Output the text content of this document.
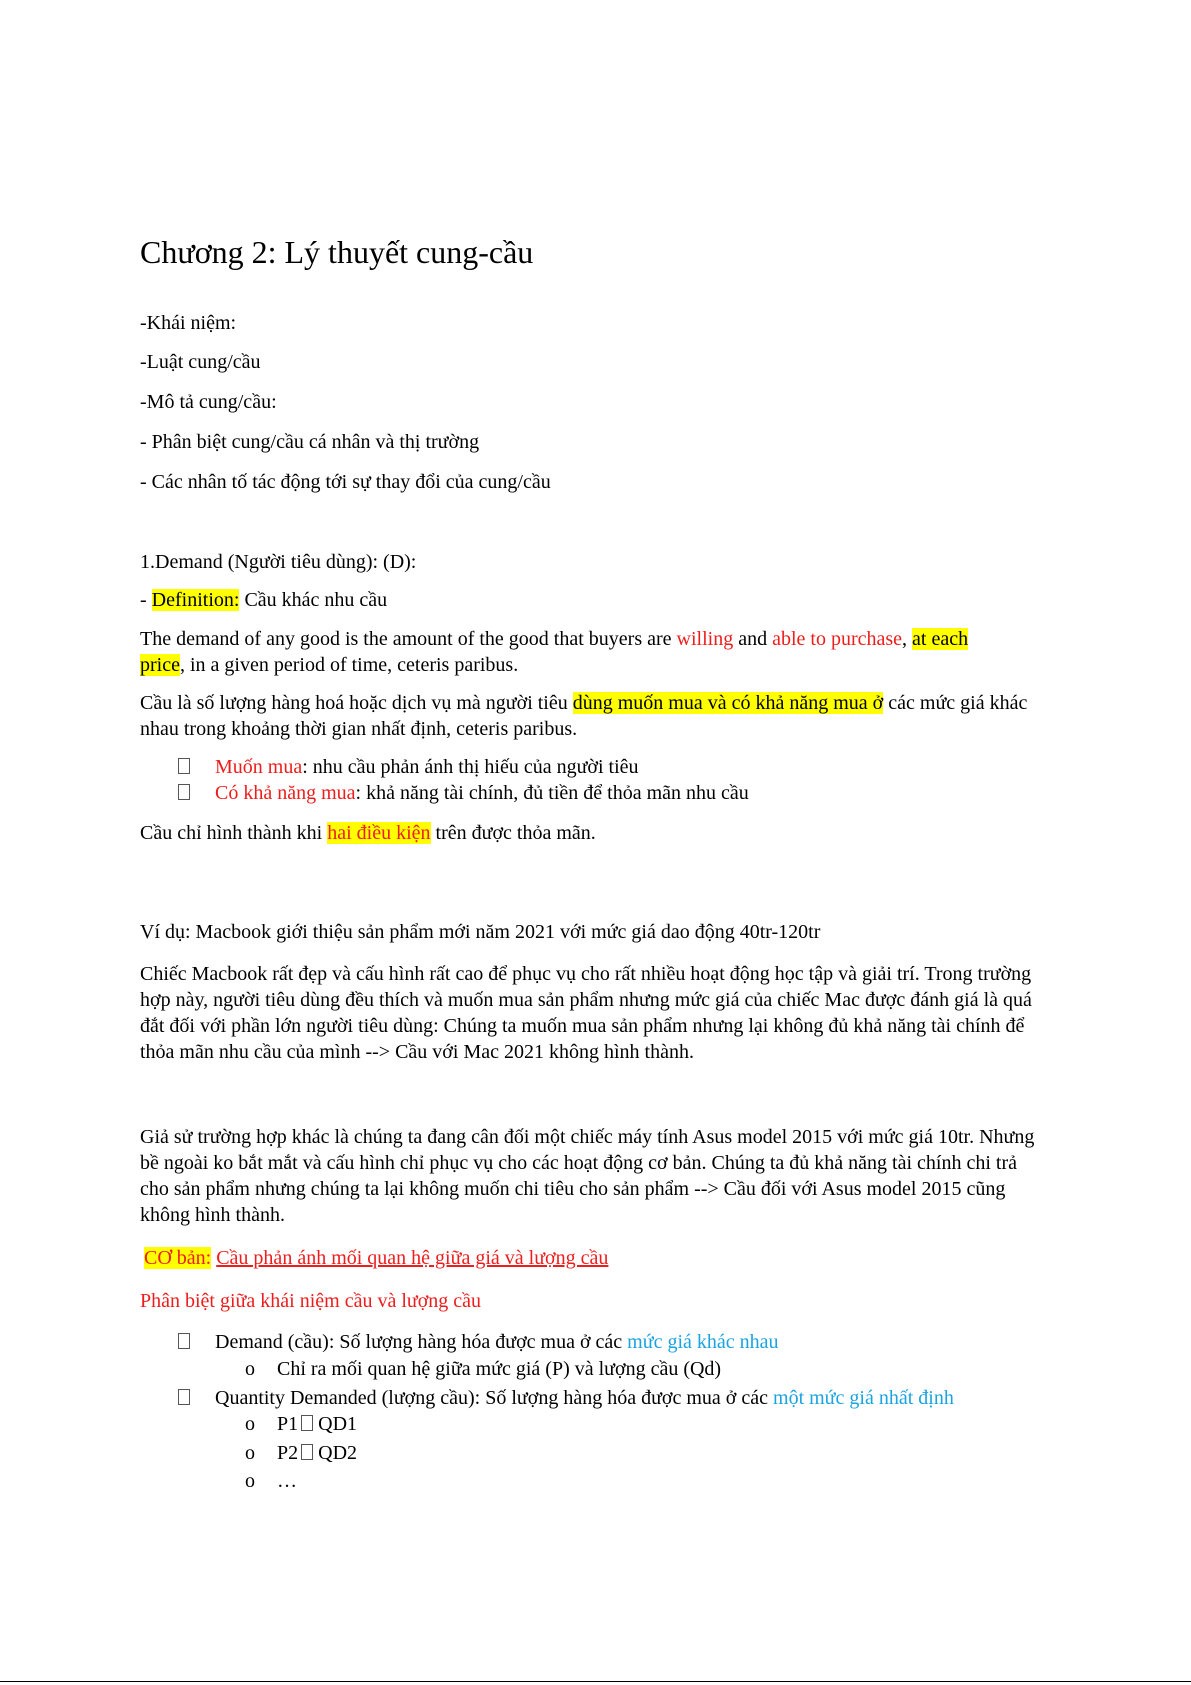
Chương 2: Lý thuyết cung-cầu
-Khái niệm:
-Luật cung/cầu
-Mô tả cung/cầu:
- Phân biệt cung/cầu cá nhân và thị trường
- Các nhân tố tác động tới sự thay đổi của cung/cầu
1.Demand (Người tiêu dùng): (D):
- Definition: Cầu khác nhu cầu
The demand of any good is the amount of the good that buyers are willing and able to purchase, at each
price, in a given period of time, ceteris paribus.
Cầu là số lượng hàng hoá hoặc dịch vụ mà người tiêu dùng muốn mua và có khả năng mua ở các mức giá khác nhau trong khoảng thời gian nhất định, ceteris paribus.
Muốn mua: nhu cầu phản ánh thị hiếu của người tiêu
Có khả năng mua: khả năng tài chính, đủ tiền để thỏa mãn nhu cầu
Cầu chỉ hình thành khi hai điều kiện trên được thỏa mãn.
Ví dụ: Macbook giới thiệu sản phẩm mới năm 2021 với mức giá dao động 40tr-120tr
Chiếc Macbook rất đẹp và cấu hình rất cao để phục vụ cho rất nhiều hoạt động học tập và giải trí. Trong trường hợp này, người tiêu dùng đều thích và muốn mua sản phẩm nhưng mức giá của chiếc Mac được đánh giá là quá đắt đối với phần lớn người tiêu dùng: Chúng ta muốn mua sản phẩm nhưng lại không đủ khả năng tài chính để thỏa mãn nhu cầu của mình --> Cầu với Mac 2021 không hình thành.
Giả sử trường hợp khác là chúng ta đang cân đối một chiếc máy tính Asus model 2015 với mức giá 10tr. Nhưng bề ngoài ko bắt mắt và cấu hình chỉ phục vụ cho các hoạt động cơ bản. Chúng ta đủ khả năng tài chính chi trả cho sản phẩm nhưng chúng ta lại không muốn chi tiêu cho sản phẩm --> Cầu đối với Asus model 2015 cũng không hình thành.
CƠ bản: Cầu phản ánh mối quan hệ giữa giá và lượng cầu
Phân biệt giữa khái niệm cầu và lượng cầu
Demand (cầu): Số lượng hàng hóa được mua ở các mức giá khác nhau
o Chỉ ra mối quan hệ giữa mức giá (P) và lượng cầu (Qd)
Quantity Demanded (lượng cầu): Số lượng hàng hóa được mua ở các một mức giá nhất định
o P1 QD1
o P2 QD2
o …
